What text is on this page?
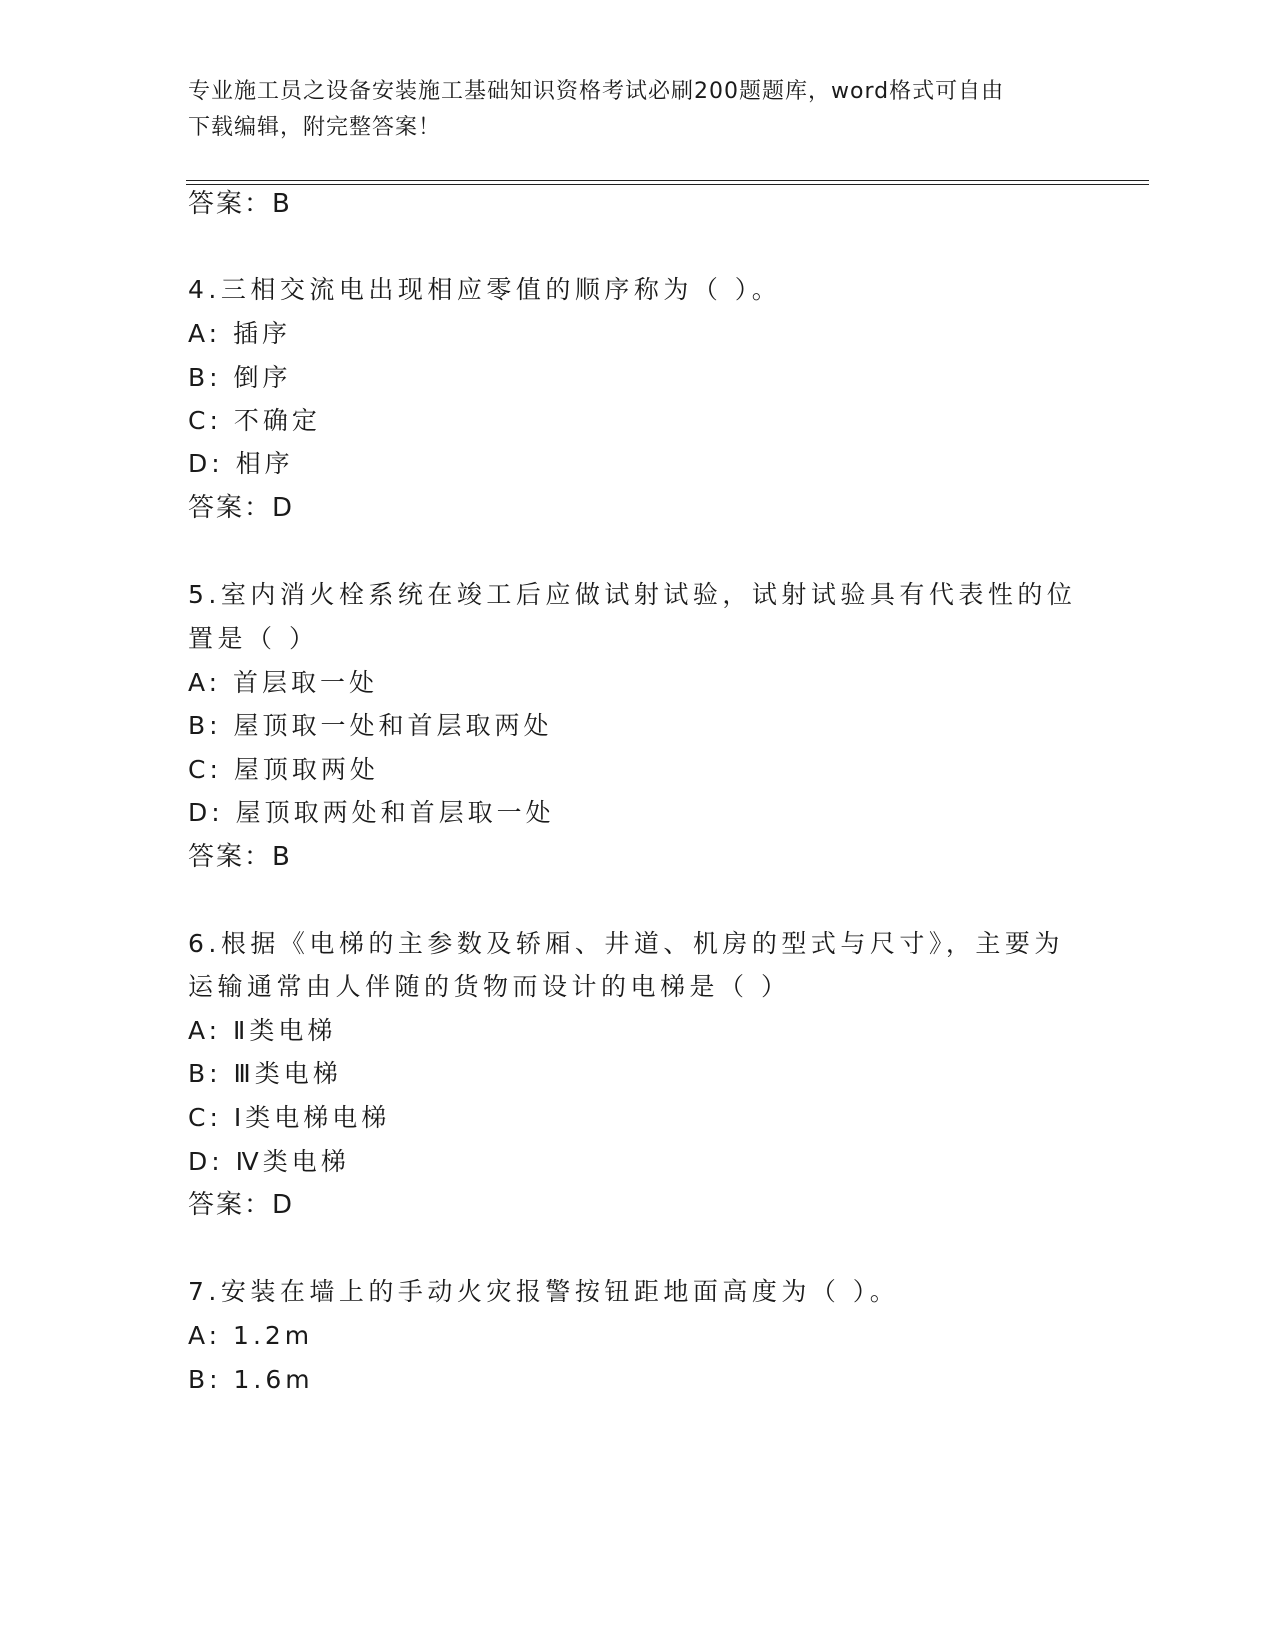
专业施工员之设备安装施工基础知识资格考试必刷200题题库，word格式可自由
下载编辑，附完整答案！
答案：B
4.三相交流电出现相应零值的顺序称为（ ）。
A: 插序
B: 倒序
C: 不确定
D: 相序
答案：D
5.室内消火栓系统在竣工后应做试射试验，试射试验具有代表性的位
置是（ ）
A: 首层取一处
B: 屋顶取一处和首层取两处
C: 屋顶取两处
D: 屋顶取两处和首层取一处
答案：B
6.根据《电梯的主参数及轿厢、井道、机房的型式与尺寸》，主要为
运输通常由人伴随的货物而设计的电梯是（ ）
A: Ⅱ类电梯
B: Ⅲ类电梯
C: Ⅰ类电梯电梯
D: Ⅳ类电梯
答案：D
7.安装在墙上的手动火灾报警按钮距地面高度为（ ）。
A: 1.2m
B: 1.6m
